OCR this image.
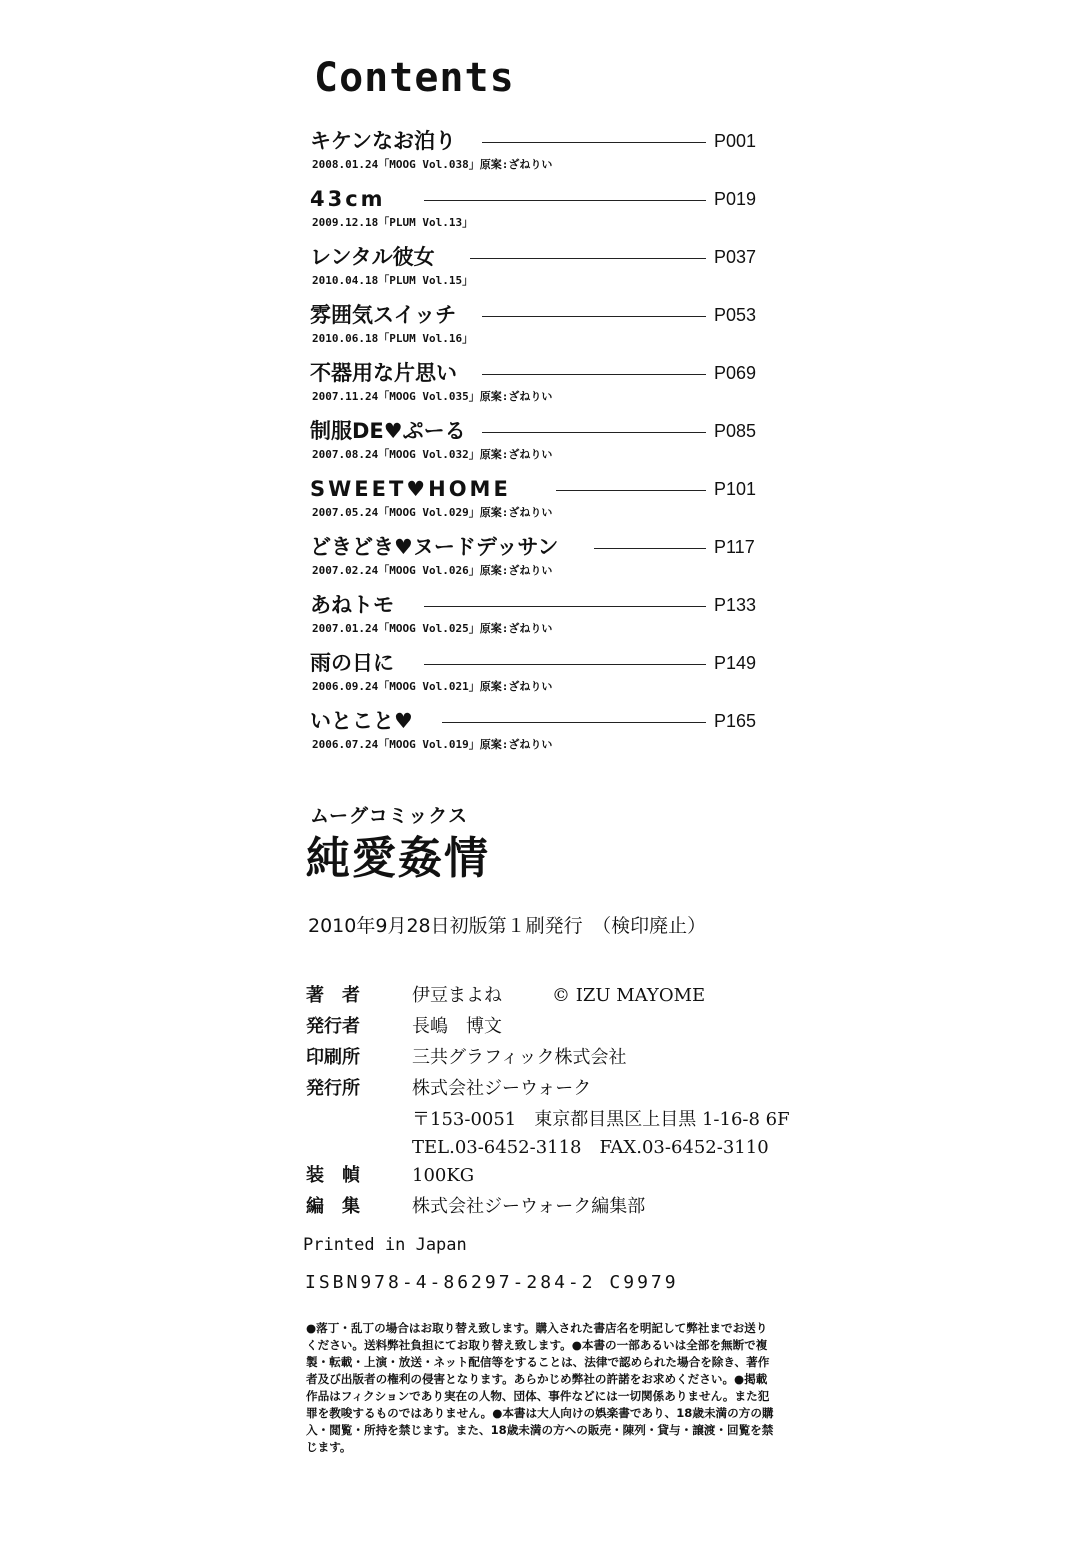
Contents
キケンなお泊り	P001
2008.01.24「MOOG Vol.038」原案:ざねりい
43cm	P019
2009.12.18「PLUM Vol.13」
レンタル彼女	P037
2010.04.18「PLUM Vol.15」
雰囲気スイッチ	P053
2010.06.18「PLUM Vol.16」
不器用な片思い	P069
2007.11.24「MOOG Vol.035」原案:ざねりい
制服DE♥ぷーる	P085
2007.08.24「MOOG Vol.032」原案:ざねりい
SWEET♥HOME	P101
2007.05.24「MOOG Vol.029」原案:ざねりい
どきどき♥ヌードデッサン	P117
2007.02.24「MOOG Vol.026」原案:ざねりい
あねトモ	P133
2007.01.24「MOOG Vol.025」原案:ざねりい
雨の日に	P149
2006.09.24「MOOG Vol.021」原案:ざねりい
いとこと♥	P165
2006.07.24「MOOG Vol.019」原案:ざねりい
ムーグコミックス
純愛姦情
2010年9月28日初版第１刷発行　（検印廃止）
著　者	伊豆まよね	© IZU MAYOME
発行者	長嶋　博文
印刷所	三共グラフィック株式会社
発行所	株式会社ジーウォーク
〒153-0051　東京都目黒区上目黒 1-16-8 6F
TEL.03-6452-3118　FAX.03-6452-3110
装　幀	100KG
編　集	株式会社ジーウォーク編集部
Printed in Japan
ISBN978-4-86297-284-2 C9979
●落丁・乱丁の場合はお取り替え致します。購入された書店名を明記して弊社までお送りください。送料弊社負担にてお取り替え致します。●本書の一部あるいは全部を無断で複製・転載・上演・放送・ネット配信等をすることは、法律で認められた場合を除き、著作者及び出版者の権利の侵害となります。あらかじめ弊社の許諾をお求めください。●掲載作品はフィクションであり実在の人物、団体、事件などには一切関係ありません。また犯罪を教唆するものではありません。●本書は大人向けの娯楽書であり、18歳未満の方の購入・閲覧・所持を禁じます。また、18歳未満の方への販売・陳列・貸与・譲渡・回覧を禁じます。
